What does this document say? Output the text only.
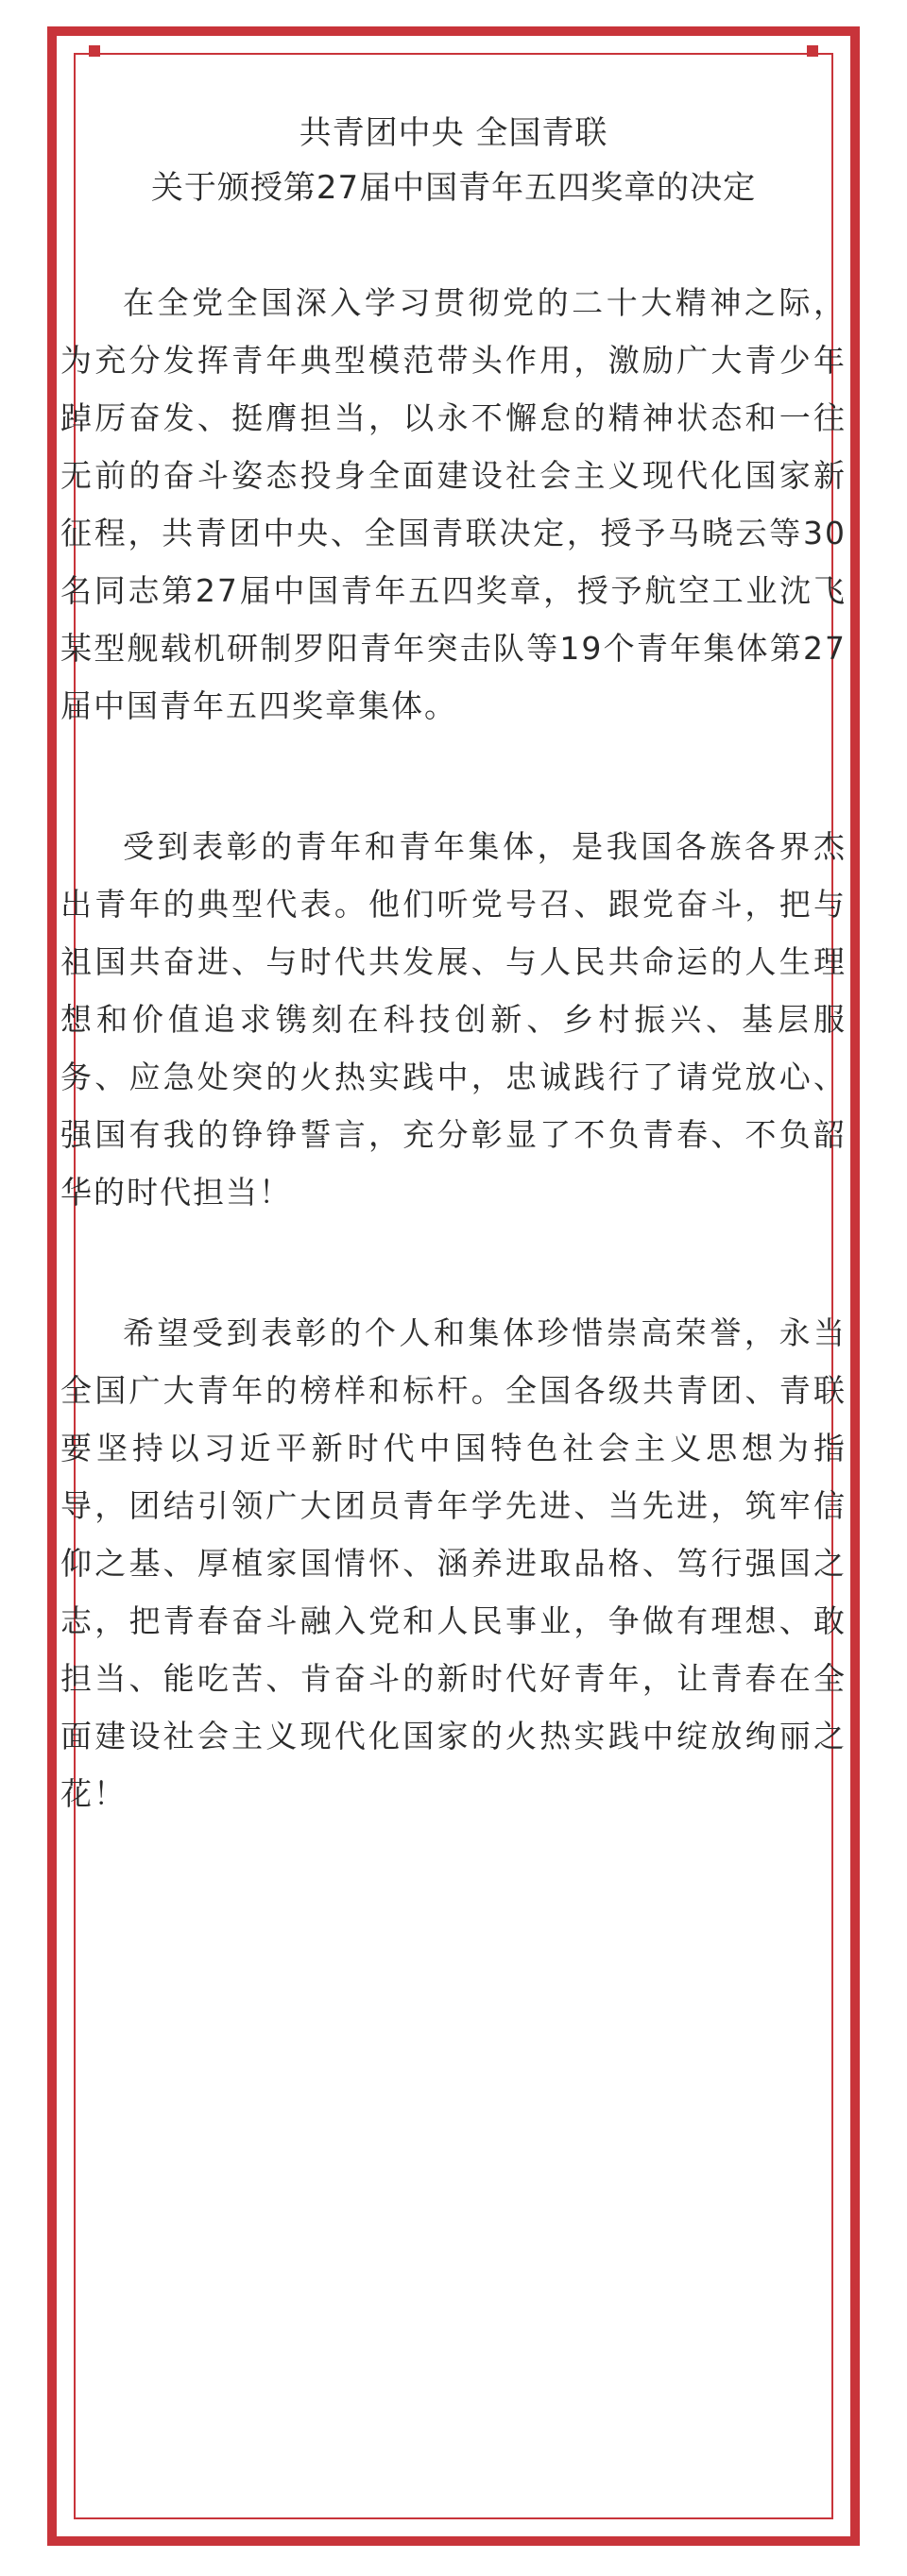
共青团中央 全国青联
关于颁授第27届中国青年五四奖章的决定

在全党全国深入学习贯彻党的二十大精神之际，为充分发挥青年典型模范带头作用，激励广大青少年踔厉奋发、挺膺担当，以永不懈怠的精神状态和一往无前的奋斗姿态投身全面建设社会主义现代化国家新征程，共青团中央、全国青联决定，授予马晓云等30名同志第27届中国青年五四奖章，授予航空工业沈飞某型舰载机研制罗阳青年突击队等19个青年集体第27届中国青年五四奖章集体。

受到表彰的青年和青年集体，是我国各族各界杰出青年的典型代表。他们听党号召、跟党奋斗，把与祖国共奋进、与时代共发展、与人民共命运的人生理想和价值追求镌刻在科技创新、乡村振兴、基层服务、应急处突的火热实践中，忠诚践行了请党放心、强国有我的铮铮誓言，充分彰显了不负青春、不负韶华的时代担当！

希望受到表彰的个人和集体珍惜崇高荣誉，永当全国广大青年的榜样和标杆。全国各级共青团、青联要坚持以习近平新时代中国特色社会主义思想为指导，团结引领广大团员青年学先进、当先进，筑牢信仰之基、厚植家国情怀、涵养进取品格、笃行强国之志，把青春奋斗融入党和人民事业，争做有理想、敢担当、能吃苦、肯奋斗的新时代好青年，让青春在全面建设社会主义现代化国家的火热实践中绽放绚丽之花！
